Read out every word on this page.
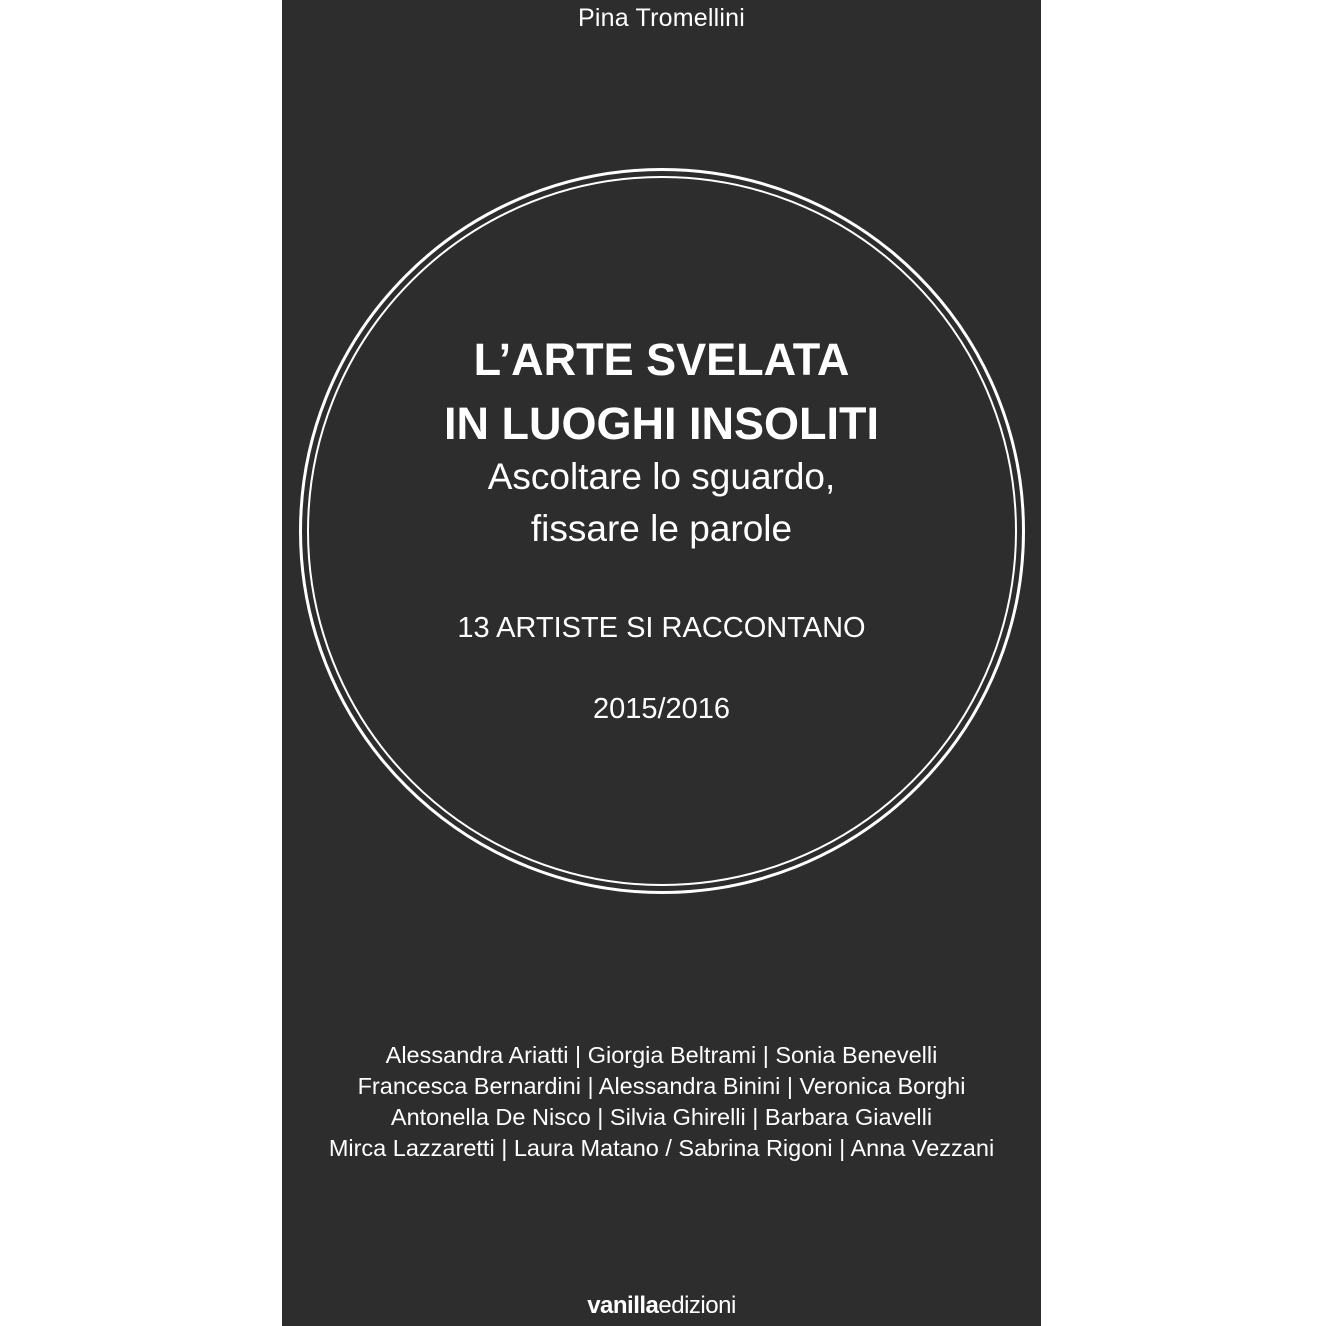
Pina Tromellini
L’ARTE SVELATA
IN LUOGHI INSOLITI
Ascoltare lo sguardo,
fissare le parole
13 ARTISTE SI RACCONTANO
2015/2016
Alessandra Ariatti | Giorgia Beltrami | Sonia Benevelli
Francesca Bernardini | Alessandra Binini | Veronica Borghi
Antonella De Nisco | Silvia Ghirelli | Barbara Giavelli
Mirca Lazzaretti | Laura Matano / Sabrina Rigoni | Anna Vezzani
vanillaedizioni
